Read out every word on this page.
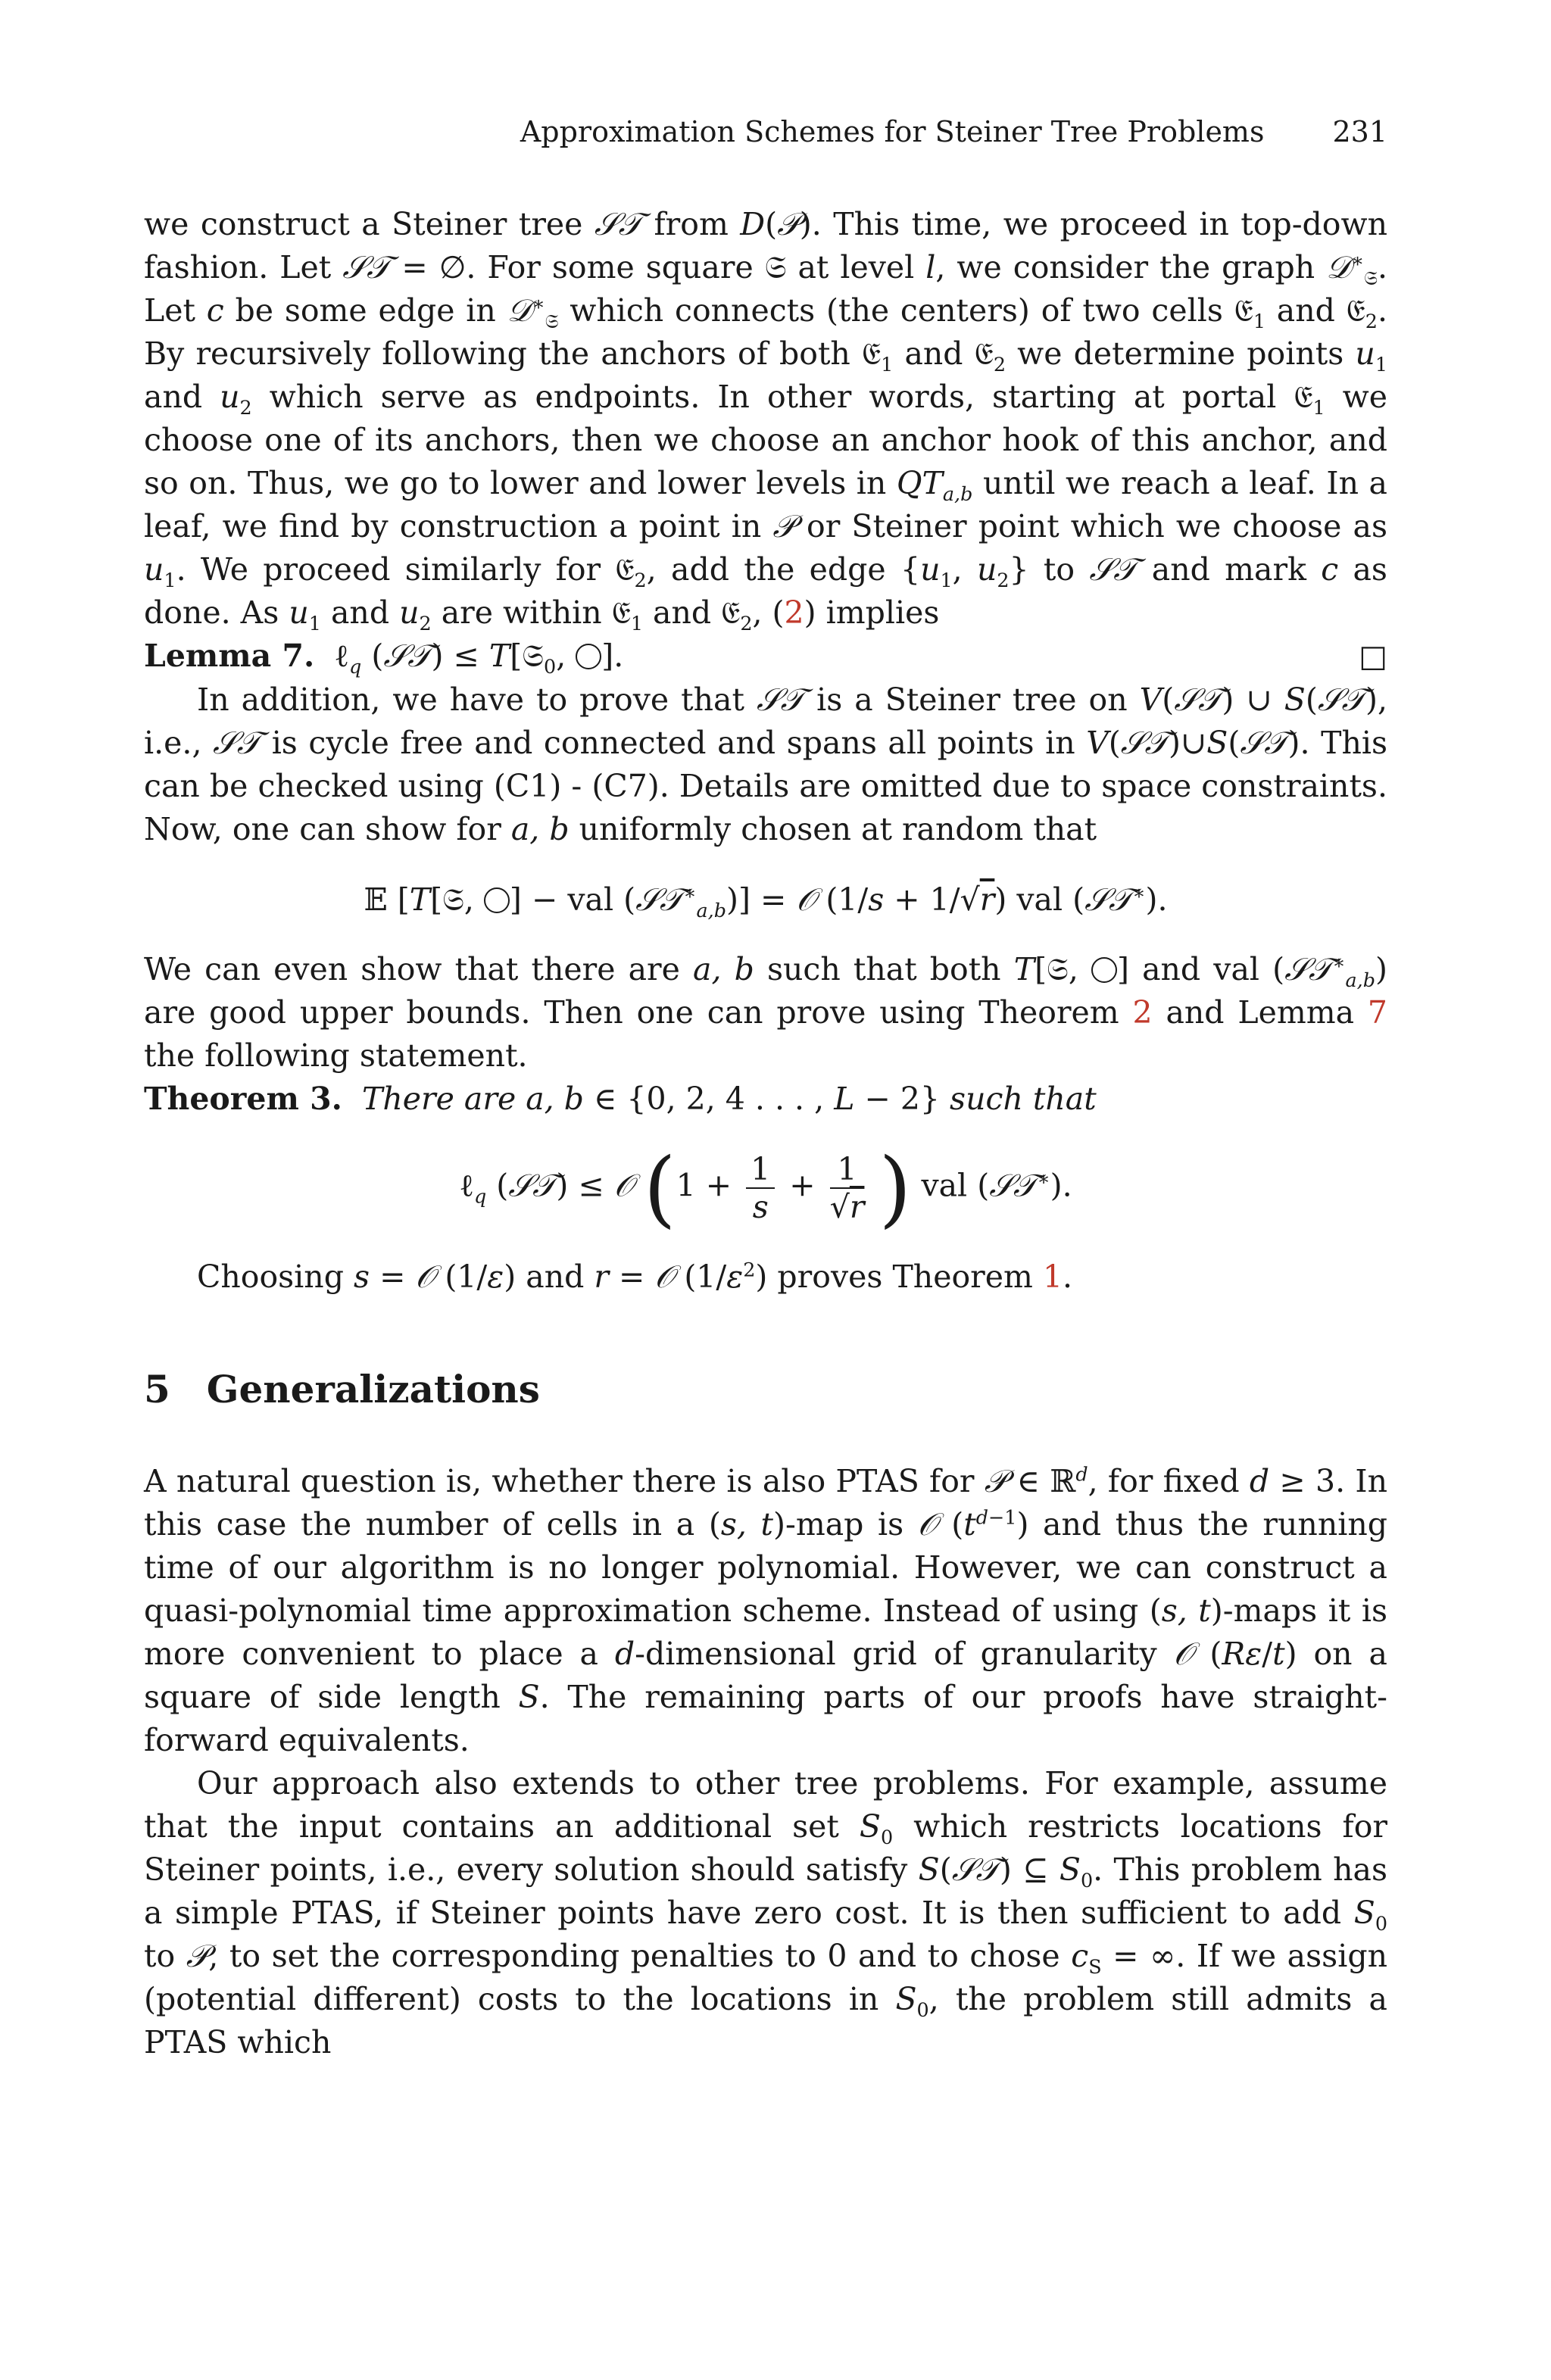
Approximation Schemes for Steiner Tree Problems 231

we construct a Steiner tree 𝒮𝒯 from D(𝒫). This time, we proceed in top-down fashion. Let 𝒮𝒯 = ∅. For some square 𝔖 at level l, we consider the graph 𝒟∗$_𝔖$. Let c be some edge in 𝒟∗$_𝔖$ which connects (the centers) of two cells 𝔈$_1$ and 𝔈$_2$. By recursively following the anchors of both 𝔈$_1$ and 𝔈$_2$ we determine points $u_1$ and $u_2$ which serve as endpoints. In other words, starting at portal 𝔈$_1$ we choose one of its anchors, then we choose an anchor hook of this anchor, and so on. Thus, we go to lower and lower levels in $QT_{a,b}$ until we reach a leaf. In a leaf, we find by construction a point in 𝒫 or Steiner point which we choose as $u_1$. We proceed similarly for 𝔈$_2$, add the edge {$u_1$, $u_2$} to 𝒮𝒯 and mark c as done. As $u_1$ and $u_2$ are within 𝔈$_1$ and 𝔈$_2$, (2) implies

Lemma 7.  ℓ$_q$ (𝒮𝒯) ≤ T[𝔖$_0$, ].	□

In addition, we have to prove that 𝒮𝒯 is a Steiner tree on V(𝒮𝒯) ∪ S(𝒮𝒯), i.e., 𝒮𝒯 is cycle free and connected and spans all points in V(𝒮𝒯)∪S(𝒮𝒯). This can be checked using (C1) - (C7). Details are omitted due to space constraints. Now, one can show for a, b uniformly chosen at random that

𝔼 [T[𝔖, ] − val (𝒮𝒯∗$_{a,b}$)] = 𝒪 (1/s + 1/√r) val (𝒮𝒯∗).

We can even show that there are a, b such that both T[𝔖, ] and val (𝒮𝒯∗$_{a,b}$) are good upper bounds. Then one can prove using Theorem 2 and Lemma 7 the following statement.

Theorem 3. There are a, b ∈ {0, 2, 4 . . . , L − 2} such that

ℓ$_q$ (𝒮𝒯) ≤ 𝒪 ($1 + \frac{1}{s} + \frac{1}{√r}$ ) val (𝒮𝒯∗).

Choosing s = 𝒪 (1/ε) and r = 𝒪 $(1/\varepsilon^2)$ proves Theorem 1.

5 Generalizations

A natural question is, whether there is also PTAS for 𝒫 ∈ ℝ$^d$, for fixed d ≥ 3. In this case the number of cells in a (s, t)-map is 𝒪 $(t^{d-1})$ and thus the running time of our algorithm is no longer polynomial. However, we can construct a quasi-polynomial time approximation scheme. Instead of using (s, t)-maps it is more convenient to place a d-dimensional grid of granularity 𝒪 (Rε/t) on a square of side length S. The remaining parts of our proofs have straight-forward equivalents.

Our approach also extends to other tree problems. For example, assume that the input contains an additional set $S_0$ which restricts locations for Steiner points, i.e., every solution should satisfy S(𝒮𝒯) ⊆ $S_0$. This problem has a simple PTAS, if Steiner points have zero cost. It is then sufficient to add $S_0$ to 𝒫, to set the corresponding penalties to 0 and to chose $c_S$ = ∞. If we assign (potential different) costs to the locations in $S_0$, the problem still admits a PTAS which
